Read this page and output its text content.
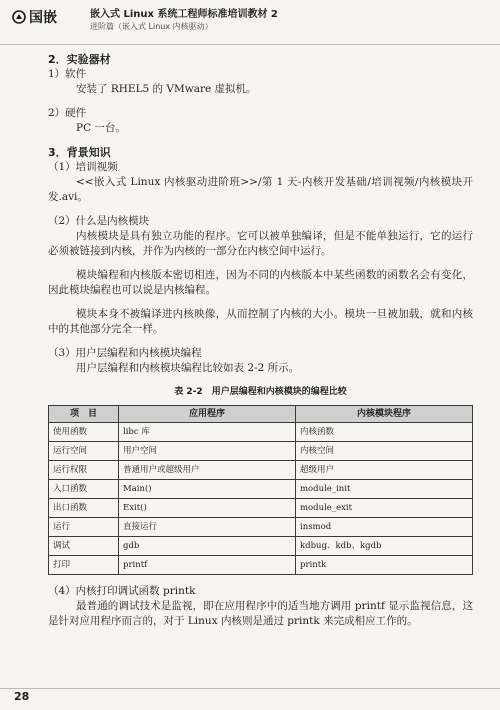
国嵌	嵌入式 Linux 系统工程师标准培训教材 2
进阶篇（嵌入式 Linux 内核驱动）

2．实验器材

1）软件

安装了 RHEL5 的 VMware 虚拟机。

2）硬件

PC 一台。

3．背景知识

（1）培训视频

<<嵌入式 Linux 内核驱动进阶班>>/第 1 天-内核开发基础/培训视频/内核模块开发.avi。

（2）什么是内核模块

内核模块是具有独立功能的程序。它可以被单独编译，但是不能单独运行，它的运行必须被链接到内核，并作为内核的一部分在内核空间中运行。

模块编程和内核版本密切相连，因为不同的内核版本中某些函数的函数名会有变化，因此模块编程也可以说是内核编程。

模块本身不被编译进内核映像，从而控制了内核的大小。模块一旦被加载，就和内核中的其他部分完全一样。

（3）用户层编程和内核模块编程

用户层编程和内核模块编程比较如表 2-2 所示。

表 2-2　用户层编程和内核模块的编程比较
项　目	应用程序	内核模块程序
使用函数	libc 库	内核函数
运行空间	用户空间	内核空间
运行权限	普通用户或超级用户	超级用户
入口函数	Main()	module_init
出口函数	Exit()	module_exit
运行	直接运行	insmod
调试	gdb	kdbug、kdb、kgdb
打印	printf	printk

（4）内核打印调试函数 printk

最普通的调试技术是监视，即在应用程序中的适当地方调用 printf 显示监视信息，这是针对应用程序而言的，对于 Linux 内核则是通过 printk 来完成相应工作的。

28
